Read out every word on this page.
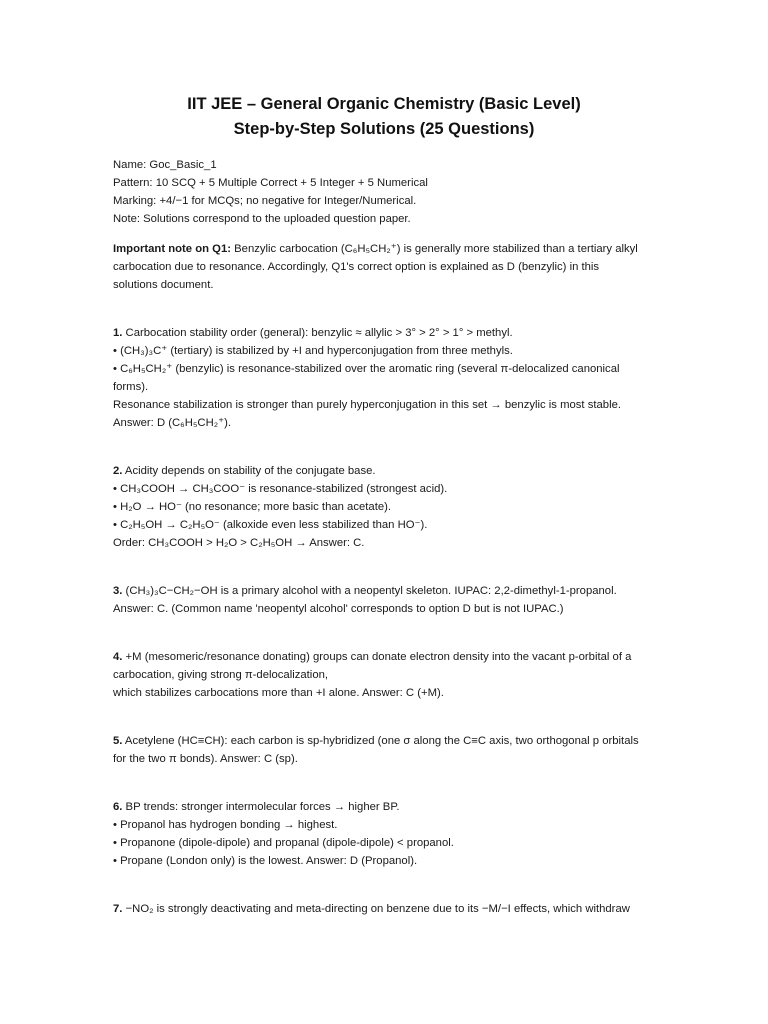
IIT JEE – General Organic Chemistry (Basic Level)
Step-by-Step Solutions (25 Questions)
Name: Goc_Basic_1
Pattern: 10 SCQ + 5 Multiple Correct + 5 Integer + 5 Numerical
Marking: +4/−1 for MCQs; no negative for Integer/Numerical.
Note: Solutions correspond to the uploaded question paper.
Important note on Q1: Benzylic carbocation (C₆H₅CH₂⁺) is generally more stabilized than a tertiary alkyl
carbocation due to resonance. Accordingly, Q1's correct option is explained as D (benzylic) in this
solutions document.
1. Carbocation stability order (general): benzylic ≈ allylic > 3° > 2° > 1° > methyl.
• (CH₃)₃C⁺ (tertiary) is stabilized by +I and hyperconjugation from three methyls.
• C₆H₅CH₂⁺ (benzylic) is resonance-stabilized over the aromatic ring (several π-delocalized canonical
forms).
Resonance stabilization is stronger than purely hyperconjugation in this set → benzylic is most stable.
Answer: D (C₆H₅CH₂⁺).
2. Acidity depends on stability of the conjugate base.
• CH₃COOH → CH₃COO⁻ is resonance-stabilized (strongest acid).
• H₂O → HO⁻ (no resonance; more basic than acetate).
• C₂H₅OH → C₂H₅O⁻ (alkoxide even less stabilized than HO⁻).
Order: CH₃COOH > H₂O > C₂H₅OH → Answer: C.
3. (CH₃)₃C−CH₂−OH is a primary alcohol with a neopentyl skeleton. IUPAC: 2,2-dimethyl-1-propanol.
Answer: C. (Common name 'neopentyl alcohol' corresponds to option D but is not IUPAC.)
4. +M (mesomeric/resonance donating) groups can donate electron density into the vacant p-orbital of a
carbocation, giving strong π-delocalization,
which stabilizes carbocations more than +I alone. Answer: C (+M).
5. Acetylene (HC≡CH): each carbon is sp-hybridized (one σ along the C≡C axis, two orthogonal p orbitals
for the two π bonds). Answer: C (sp).
6. BP trends: stronger intermolecular forces → higher BP.
• Propanol has hydrogen bonding → highest.
• Propanone (dipole-dipole) and propanal (dipole-dipole) < propanol.
• Propane (London only) is the lowest. Answer: D (Propanol).
7. −NO₂ is strongly deactivating and meta-directing on benzene due to its −M/−I effects, which withdraw
